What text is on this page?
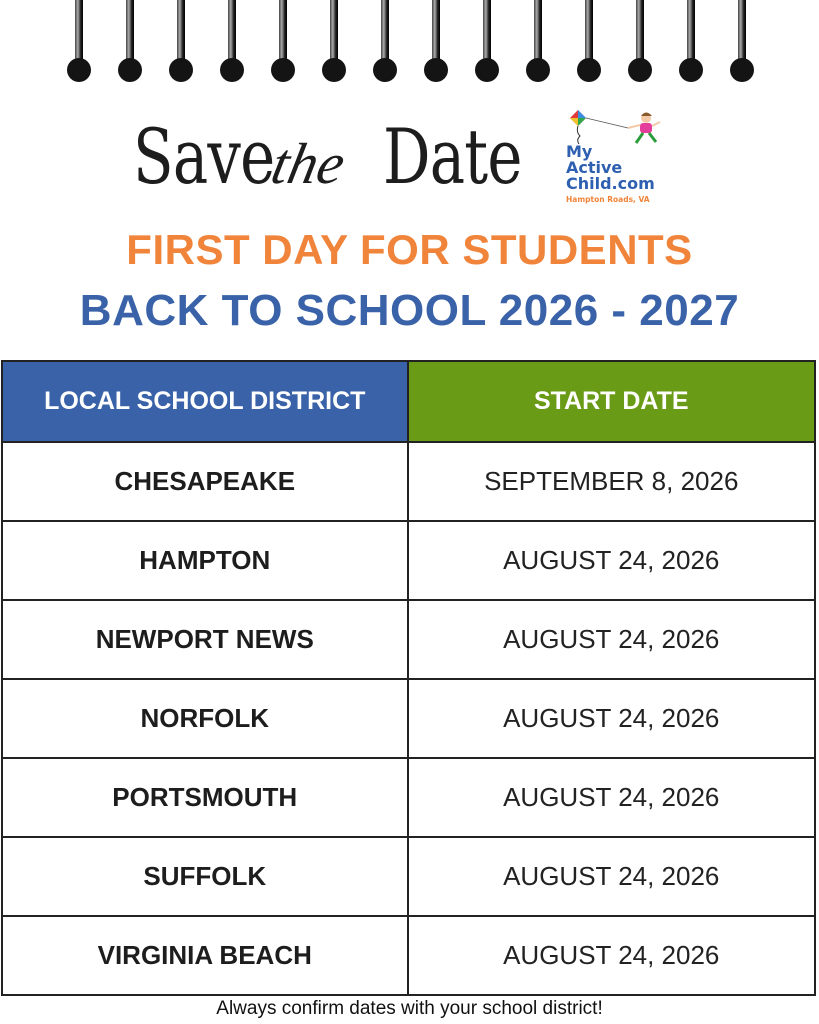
Save
the Date	My
Active
Child.com
Hampton Roads, VA
FIRST DAY FOR STUDENTS
BACK TO SCHOOL 2026 - 2027
LOCAL SCHOOL DISTRICT	START DATE
CHESAPEAKE	SEPTEMBER 8, 2026
HAMPTON	AUGUST 24, 2026
NEWPORT NEWS	AUGUST 24, 2026
NORFOLK	AUGUST 24, 2026
PORTSMOUTH	AUGUST 24, 2026
SUFFOLK	AUGUST 24, 2026
VIRGINIA BEACH	AUGUST 24, 2026
Always confirm dates with your school district!
